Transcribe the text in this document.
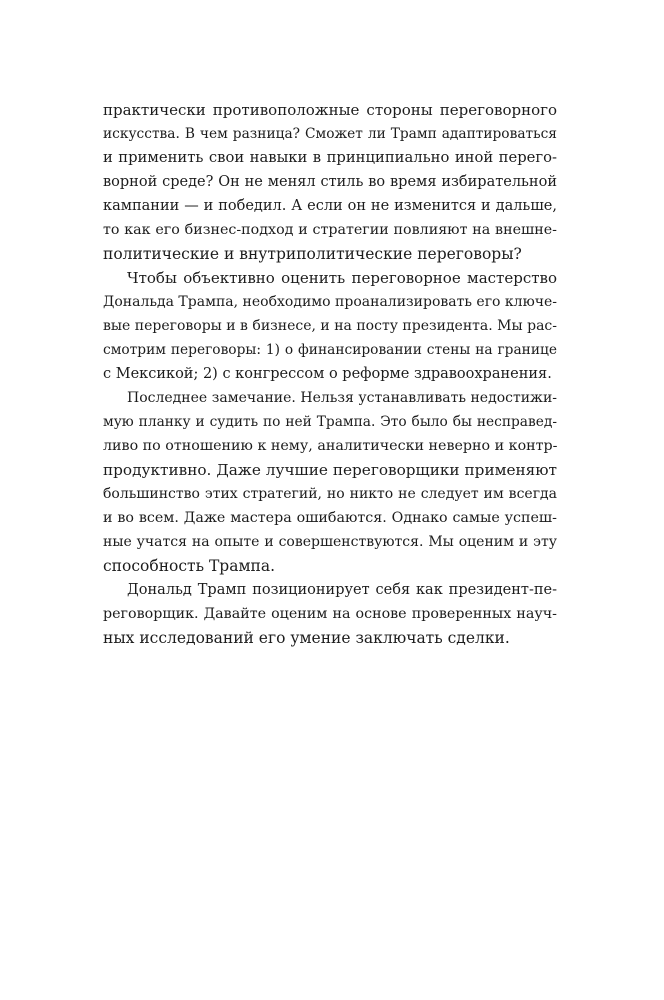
практически противоположные стороны переговорного
искусства. В чем разница? Сможет ли Трамп адаптироваться
и применить свои навыки в принципиально иной перего-
ворной среде? Он не менял стиль во время избирательной
кампании — и победил. А если он не изменится и дальше,
то как его бизнес-подход и стратегии повлияют на внешне-
политические и внутриполитические переговоры?

Чтобы объективно оценить переговорное мастерство
Дональда Трампа, необходимо проанализировать его ключе-
вые переговоры и в бизнесе, и на посту президента. Мы рас-
смотрим переговоры: 1) о финансировании стены на границе
с Мексикой; 2) с конгрессом о реформе здравоохранения.

Последнее замечание. Нельзя устанавливать недостижи-
мую планку и судить по ней Трампа. Это было бы несправед-
ливо по отношению к нему, аналитически неверно и контр-
продуктивно. Даже лучшие переговорщики применяют
большинство этих стратегий, но никто не следует им всегда
и во всем. Даже мастера ошибаются. Однако самые успеш-
ные учатся на опыте и совершенствуются. Мы оценим и эту
способность Трампа.

Дональд Трамп позиционирует себя как президент-пе-
реговорщик. Давайте оценим на основе проверенных науч-
ных исследований его умение заключать сделки.
